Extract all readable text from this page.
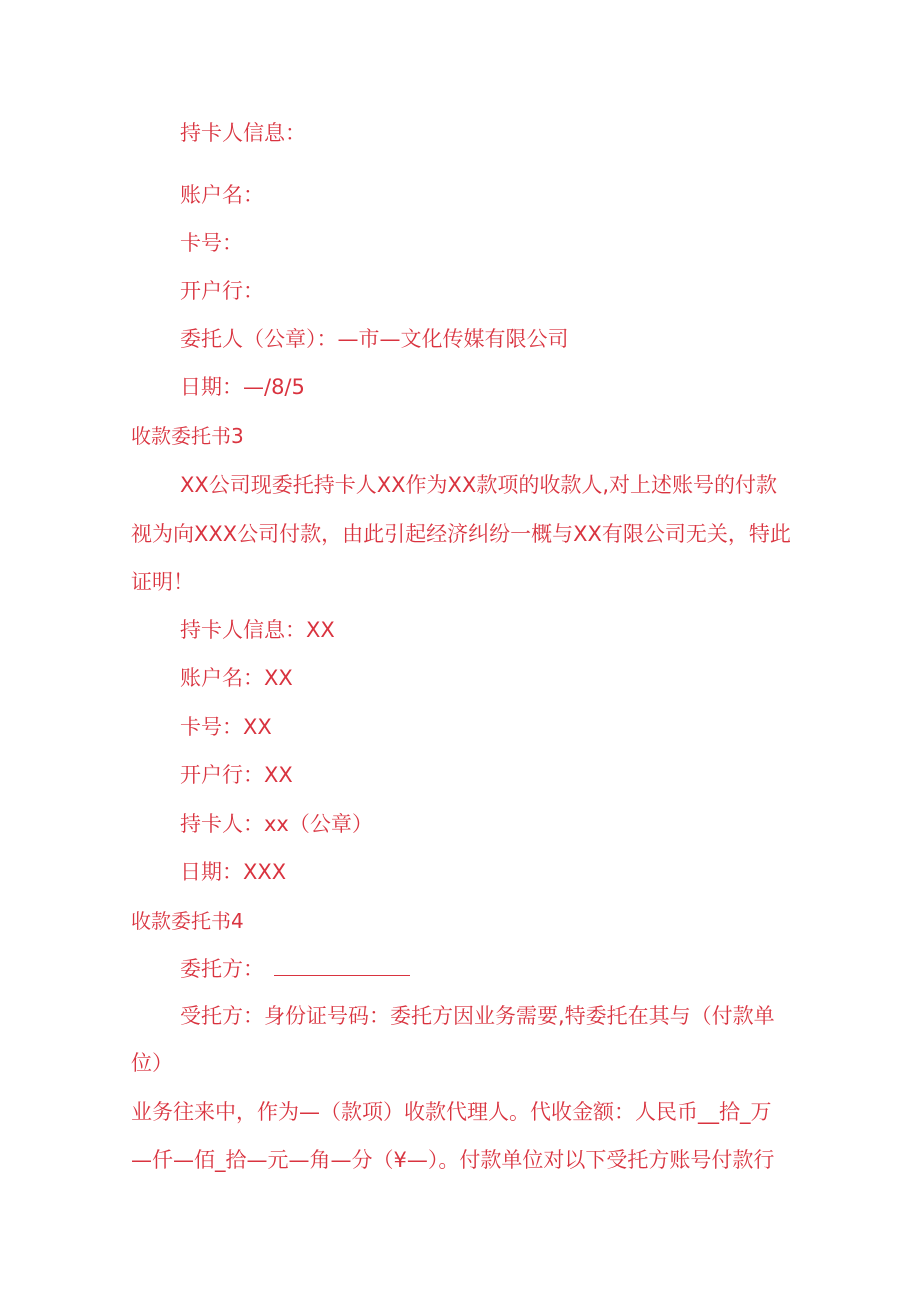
持卡人信息：
账户名：
卡号：
开户行：
委托人（公章）：—市—文化传媒有限公司
日期：—/8/5
收款委托书3
XX公司现委托持卡人XX作为XX款项的收款人,对上述账号的付款
视为向XXX公司付款，由此引起经济纠纷一概与XX有限公司无关，特此
证明！
持卡人信息：XX
账户名：XX
卡号：XX
开户行：XX
持卡人：xx（公章）
日期：XXX
收款委托书4
委托方：
受托方：身份证号码：委托方因业务需要,特委托在其与（付款单
位）
业务往来中，作为—（款项）收款代理人。代收金额：人民币__拾_万
—仟—佰_拾—元—角—分（¥—）。付款单位对以下受托方账号付款行
